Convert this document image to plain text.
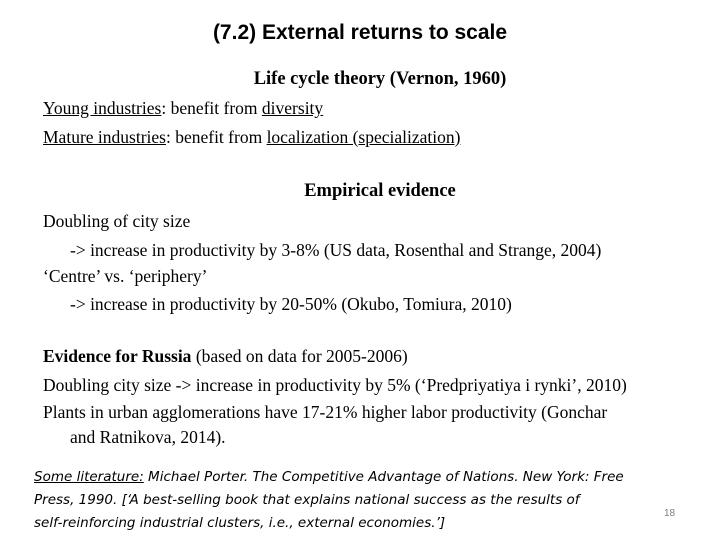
(7.2) External returns to scale
Life cycle theory (Vernon, 1960)
Young industries: benefit from diversity
Mature industries: benefit from localization (specialization)
Empirical evidence
Doubling of city size
-> increase in productivity by 3-8% (US data, Rosenthal and Strange, 2004)
‘Centre’ vs. ‘periphery’
-> increase in productivity by 20-50% (Okubo, Tomiura, 2010)
Evidence for Russia (based on data for 2005-2006)
Doubling city size -> increase in productivity by 5% (‘Predpriyatiya i rynki’, 2010)
Plants in urban agglomerations have 17-21% higher labor productivity (Gonchar
and Ratnikova, 2014).
Some literature: Michael Porter. The Competitive Advantage of Nations. New York: Free
Press, 1990. [‘A best-selling book that explains national success as the results of
self-reinforcing industrial clusters, i.e., external economies.’]
18
